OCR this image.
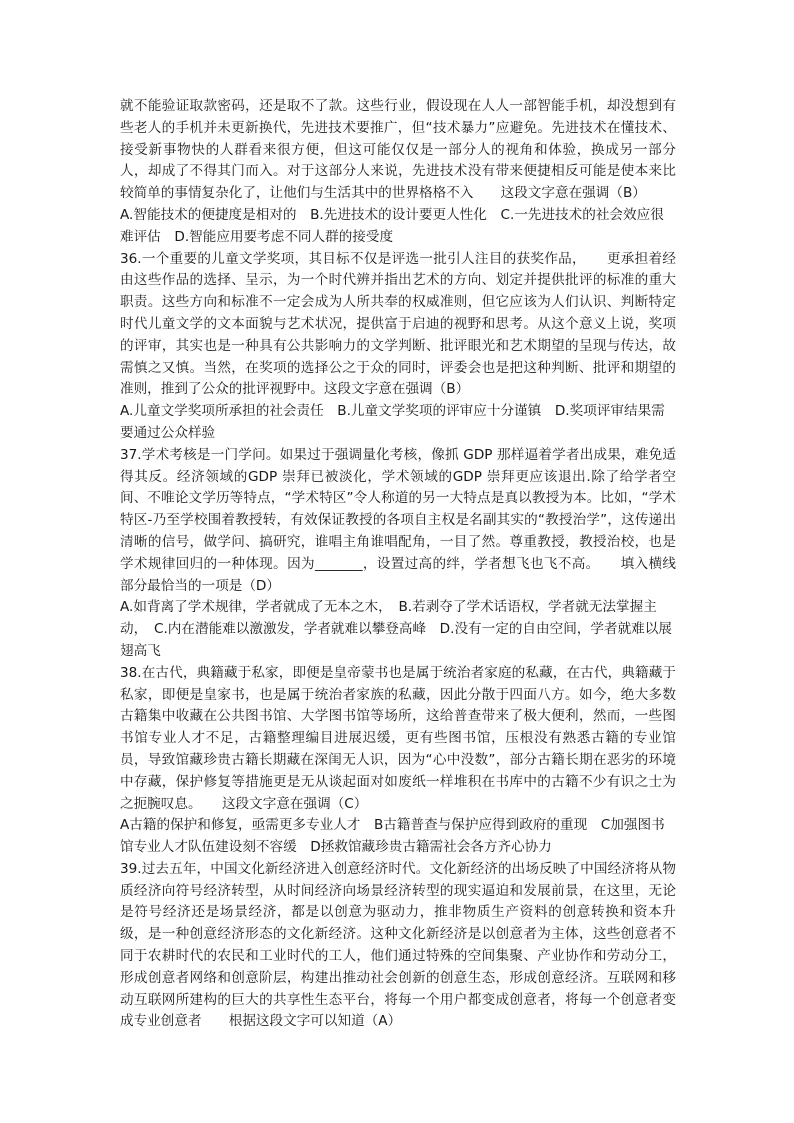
就不能验证取款密码，还是取不了款。这些行业，假设现在人人一部智能手机，却没想到有些老人的手机并未更新换代，先进技术要推广，但“技术暴力”应避免。先进技术在懂技术、接受新事物快的人群看来很方便，但这可能仅仅是一部分人的视角和体验，换成另一部分人，却成了不得其门而入。对于这部分人来说，先进技术没有带来便捷相反可能是使本来比较简单的事情复杂化了，让他们与生活其中的世界格格不入　　这段文字意在强调（B）

A.智能技术的便捷度是相对的　B.先进技术的设计要更人性化　C.一先进技术的社会效应很难评估　D.智能应用要考虑不同人群的接受度

36.一个重要的儿童文学奖项，其目标不仅是评选一批引人注目的获奖作品，　　更承担着经由这些作品的选择、呈示，为一个时代辨并指出艺术的方向、划定并提供批评的标准的重大职责。这些方向和标准不一定会成为人所共奉的权威准则，但它应该为人们认识、判断特定时代儿童文学的文本面貌与艺术状况，提供富于启迪的视野和思考。从这个意义上说，奖项的评审，其实也是一种具有公共影响力的文学判断、批评眼光和艺术期望的呈现与传达，故需慎之又慎。当然，在奖项的选择公之于众的同时，评委会也是把这种判断、批评和期望的准则，推到了公众的批评视野中。这段文字意在强调（B）

A.儿童文学奖项所承担的社会责任　B.儿童文学奖项的评审应十分谨镇　D.奖项评审结果需要通过公众样验

37.学术考核是一门学问。如果过于强调量化考核，像抓 GDP 那样逼着学者出成果，难免适得其反。经济领域的GDP 崇拜已被淡化，学术领域的GDP 崇拜更应该退出.除了给学者空间、不唯论文学历等特点，“学术特区”令人称道的另一大特点是真以教授为本。比如，“学术特区-乃至学校围着教授转，有效保证教授的各项自主权是名副其实的“教授治学”，这传递出清晰的信号，做学问、搞研究，谁唱主角谁唱配角，一目了然。尊重教授，教授治校，也是学术规律回归的一种体现。因为_______，设置过高的绊，学者想飞也飞不高。　　填入横线部分最恰当的一项是（D）

A.如背离了学术规律，学者就成了无本之木，　B.若剥夺了学术话语权，学者就无法掌握主动，　C.内在潜能难以激激发，学者就难以攀登高峰　D.没有一定的自由空间，学者就难以展翅高飞

38.在古代，典籍藏于私家，即便是皇帝蒙书也是属于统治者家庭的私藏，在古代，典籍藏于私家，即便是皇家书，也是属于统治者家族的私藏，因此分散于四面八方。如今，绝大多数古籍集中收藏在公共图书馆、大学图书馆等场所，这给普查带来了极大便利，然而，一些图书馆专业人才不足，古籍整理编目进展迟缓，更有些图书馆，压根没有熟悉古籍的专业馆员，导致馆藏珍贵古籍长期藏在深闺无人识，因为“心中没数”，部分古籍长期在恶劣的环境中存藏，保护修复等措施更是无从谈起面对如废纸一样堆积在书库中的古籍不少有识之士为之扼腕叹息。　　这段文字意在强调（C）

A古籍的保护和修复，亟需更多专业人才　B古籍普查与保护应得到政府的重现　C加强图书馆专业人才队伍建设刻不容缓　D拯救馆藏珍贵古籍需社会各方齐心协力

39.过去五年，中国文化新经济进入创意经济时代。文化新经济的出场反映了中国经济将从物质经济向符号经济转型，从时间经济向场景经济转型的现实逼迫和发展前景，在这里，无论是符号经济还是场景经济，都是以创意为驱动力，推非物质生产资料的创意转换和资本升级，是一种创意经济形态的文化新经济。这种文化新经济是以创意者为主体，这些创意者不同于农耕时代的农民和工业时代的工人，他们通过特殊的空间集聚、产业协作和劳动分工，形成创意者网络和创意阶层，构建出推动社会创新的创意生态，形成创意经济。互联网和移动互联网所建构的巨大的共享性生态平台，将每一个用户都变成创意者，将每一个创意者变成专业创意者　　根据这段文字可以知道（A）
